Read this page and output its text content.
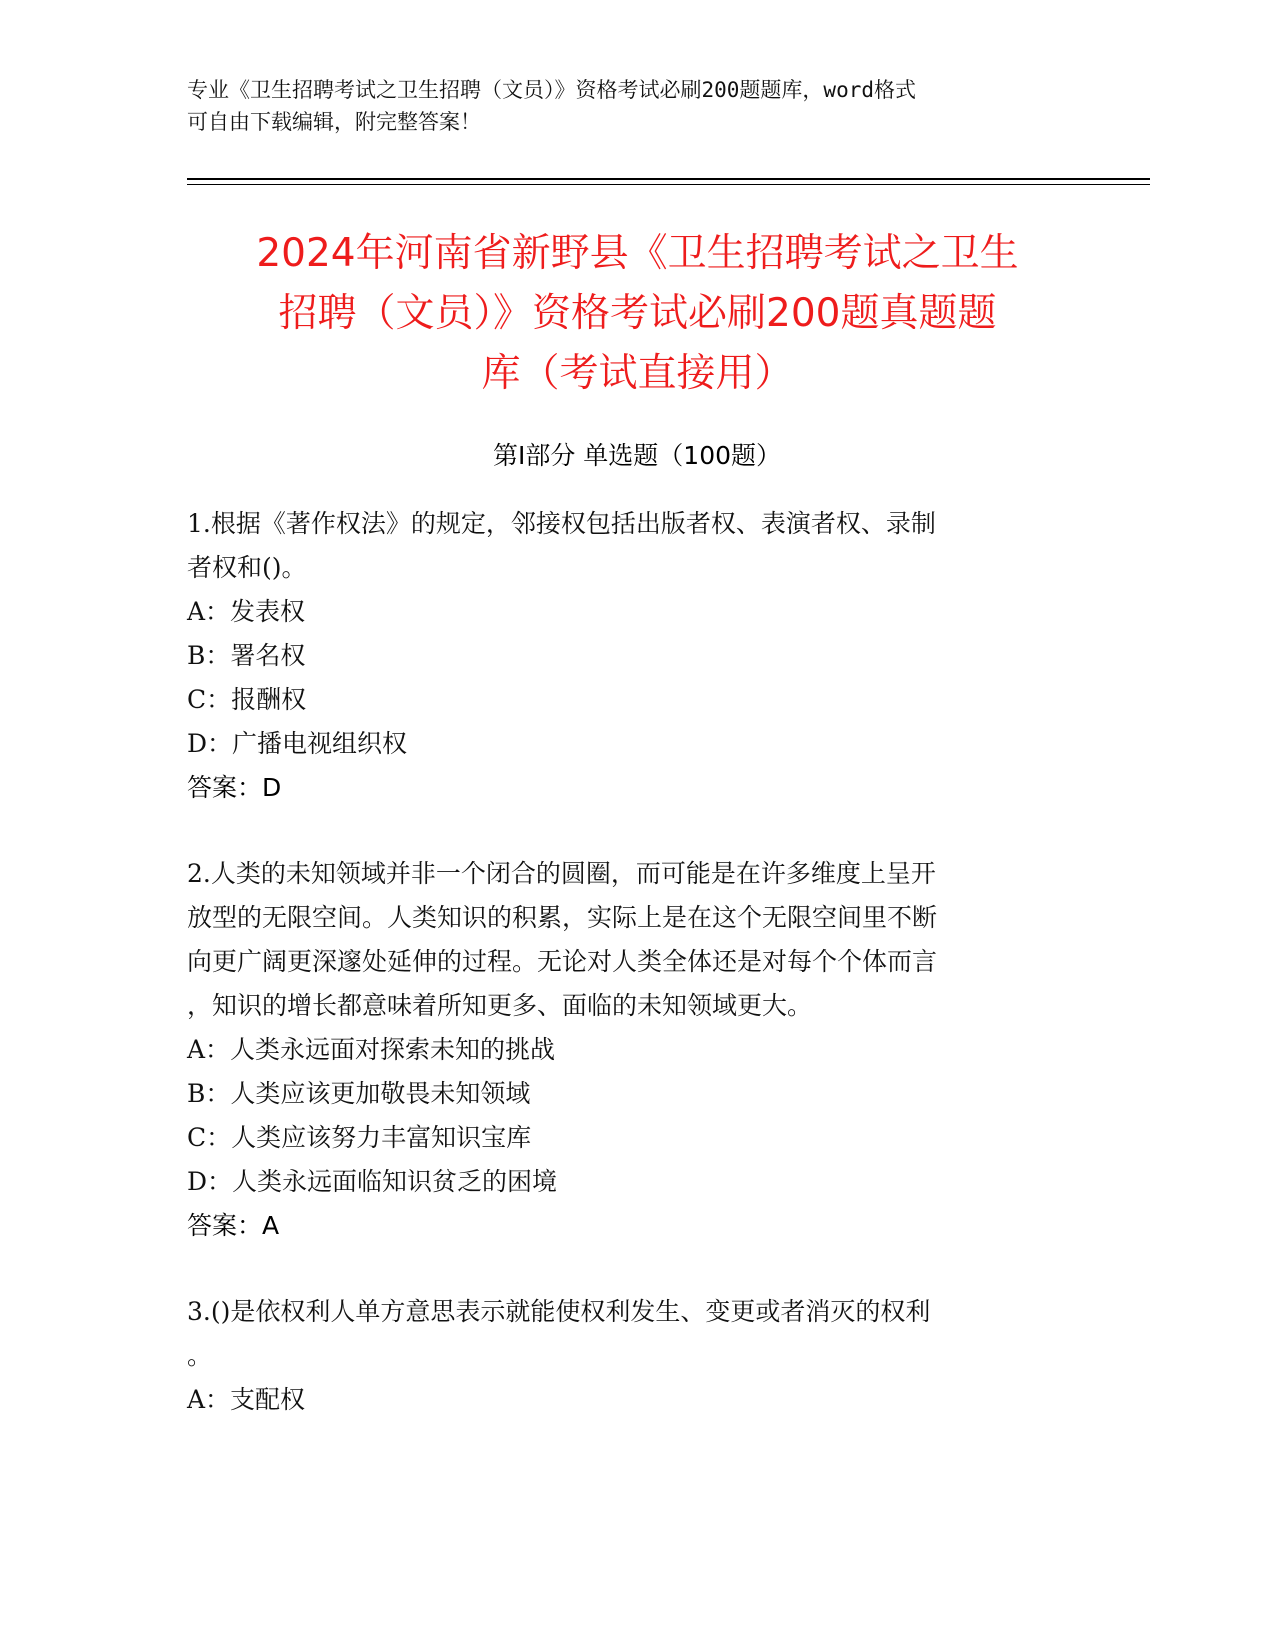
专业《卫生招聘考试之卫生招聘（文员）》资格考试必刷200题题库，word格式
可自由下载编辑，附完整答案！
2024年河南省新野县《卫生招聘考试之卫生
招聘（文员）》资格考试必刷200题真题题
库（考试直接用）
第Ⅰ部分 单选题（100题）
1.根据《著作权法》的规定，邻接权包括出版者权、表演者权、录制
者权和()。
A：发表权
B：署名权
C：报酬权
D：广播电视组织权
答案：D
2.人类的未知领域并非一个闭合的圆圈，而可能是在许多维度上呈开
放型的无限空间。人类知识的积累，实际上是在这个无限空间里不断
向更广阔更深邃处延伸的过程。无论对人类全体还是对每个个体而言
，知识的增长都意味着所知更多、面临的未知领域更大。
A：人类永远面对探索未知的挑战
B：人类应该更加敬畏未知领域
C：人类应该努力丰富知识宝库
D：人类永远面临知识贫乏的困境
答案：A
3.()是依权利人单方意思表示就能使权利发生、变更或者消灭的权利
。
A：支配权
